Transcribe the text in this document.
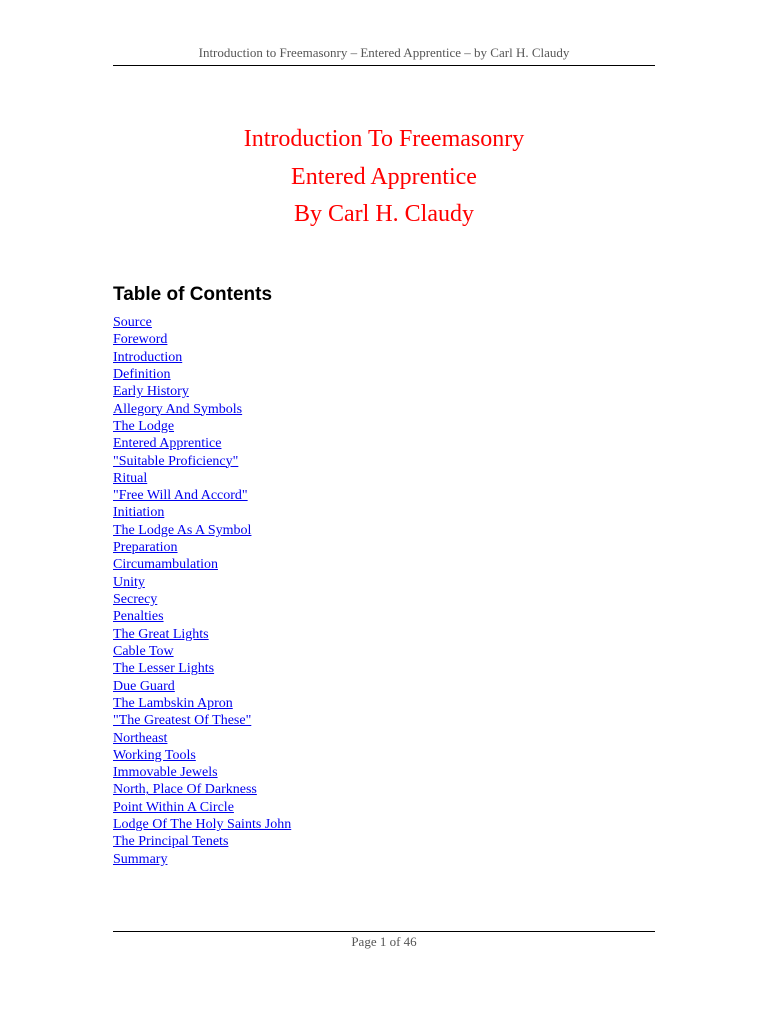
Introduction to Freemasonry – Entered Apprentice – by Carl H. Claudy
Introduction To Freemasonry
Entered Apprentice
By Carl H. Claudy
Table of Contents
Source
Foreword
Introduction
Definition
Early History
Allegory And Symbols
The Lodge
Entered Apprentice
"Suitable Proficiency"
Ritual
"Free Will And Accord"
Initiation
The Lodge As A Symbol
Preparation
Circumambulation
Unity
Secrecy
Penalties
The Great Lights
Cable Tow
The Lesser Lights
Due Guard
The Lambskin Apron
"The Greatest Of These"
Northeast
Working Tools
Immovable Jewels
North, Place Of Darkness
Point Within A Circle
Lodge Of The Holy Saints John
The Principal Tenets
Summary
Page 1 of 46
